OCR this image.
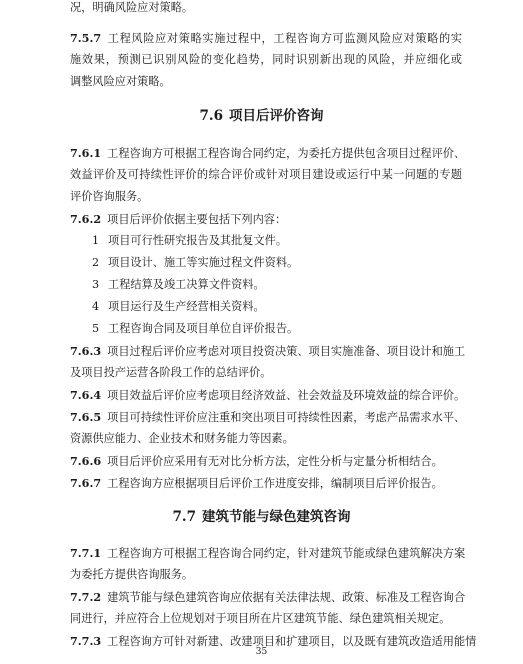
况，明确风险应对策略。
7.5.7 工程风险应对策略实施过程中，工程咨询方可监测风险应对策略的实
施效果，预测已识别风险的变化趋势，同时识别新出现的风险，并应细化或
调整风险应对策略。
7.6 项目后评价咨询
7.6.1 工程咨询方可根据工程咨询合同约定，为委托方提供包含项目过程评价、
效益评价及可持续性评价的综合评价或针对项目建设或运行中某一问题的专题
评价咨询服务。
7.6.2 项目后评价依据主要包括下列内容：
1 项目可行性研究报告及其批复文件。
2 项目设计、施工等实施过程文件资料。
3 工程结算及竣工决算文件资料。
4 项目运行及生产经营相关资料。
5 工程咨询合同及项目单位自评价报告。
7.6.3 项目过程后评价应考虑对项目投资决策、项目实施准备、项目设计和施工
及项目投产运营各阶段工作的总结评价。
7.6.4 项目效益后评价应考虑项目经济效益、社会效益及环境效益的综合评价。
7.6.5 项目可持续性评价应注重和突出项目可持续性因素，考虑产品需求水平、
资源供应能力、企业技术和财务能力等因素。
7.6.6 项目后评价应采用有无对比分析方法，定性分析与定量分析相结合。
7.6.7 工程咨询方应根据项目后评价工作进度安排，编制项目后评价报告。
7.7 建筑节能与绿色建筑咨询
7.7.1 工程咨询方可根据工程咨询合同约定，针对建筑节能或绿色建筑解决方案
为委托方提供咨询服务。
7.7.2 建筑节能与绿色建筑咨询应依据有关法律法规、政策、标准及工程咨询合
同进行，并应符合上位规划对于项目所在片区建筑节能、绿色建筑相关规定。
7.7.3 工程咨询方可针对新建、改建项目和扩建项目，以及既有建筑改造适用能情
35
